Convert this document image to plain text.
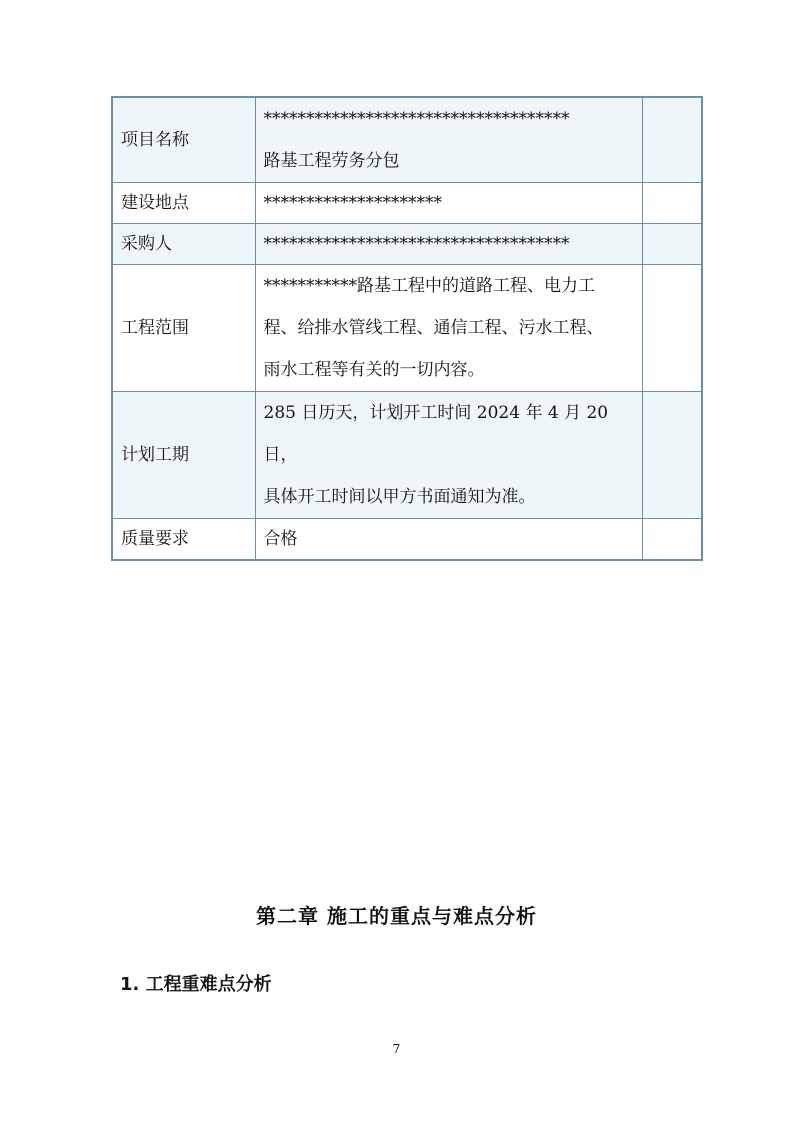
项目名称	************************************
路基工程劳务分包	

建设地点	*********************	

采购人	************************************	

工程范围	***********路基工程中的道路工程、电力工
程、给排水管线工程、通信工程、污水工程、
雨水工程等有关的一切内容。	

计划工期	285 日历天，计划开工时间 2024 年 4 月 20 日，
具体开工时间以甲方书面通知为准。	

质量要求	合格	

第二章 施工的重点与难点分析
1. 工程重难点分析
7
